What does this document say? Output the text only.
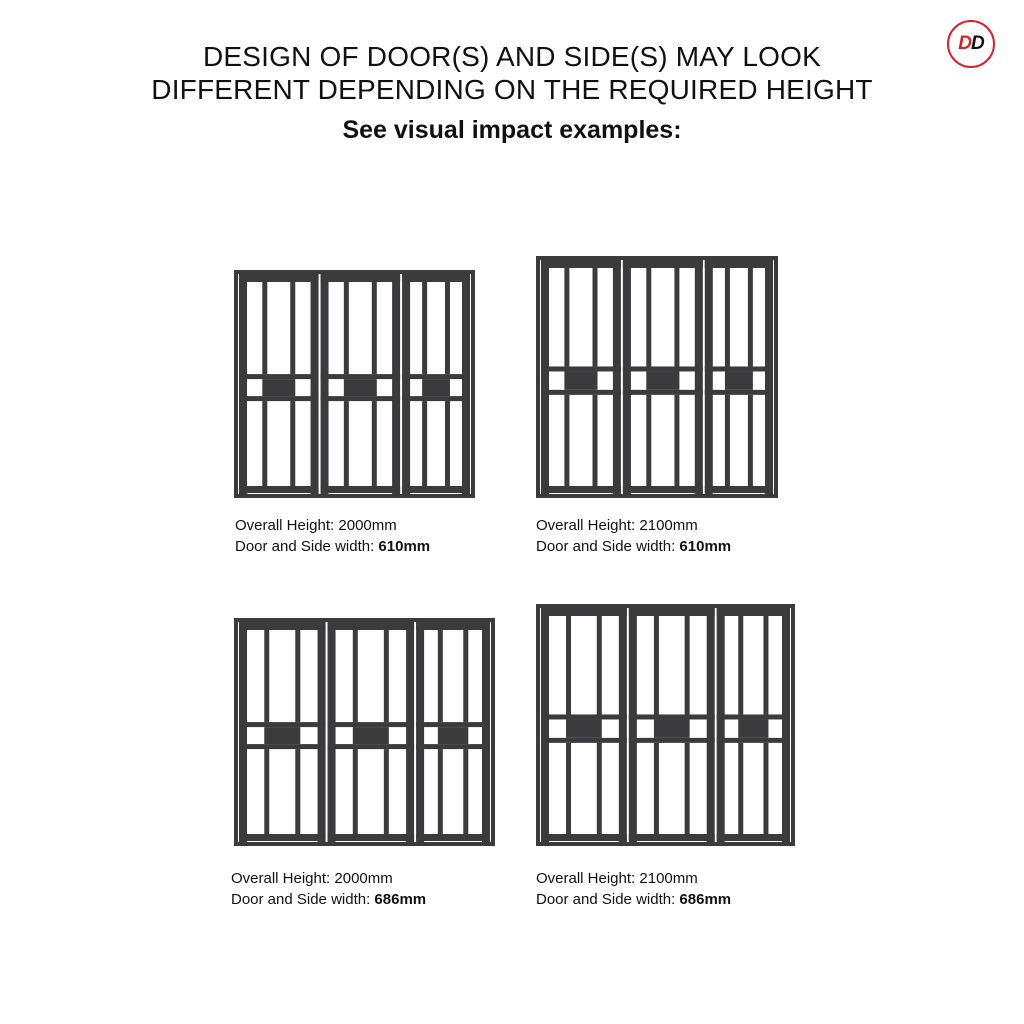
DESIGN OF DOOR(S) AND SIDE(S) MAY LOOK
DIFFERENT DEPENDING ON THE REQUIRED HEIGHT
See visual impact examples:
D D
Overall Height: 2000mm
Door and Side width: 610mm
Overall Height: 2100mm
Door and Side width: 610mm
Overall Height: 2000mm
Door and Side width: 686mm
Overall Height: 2100mm
Door and Side width: 686mm
